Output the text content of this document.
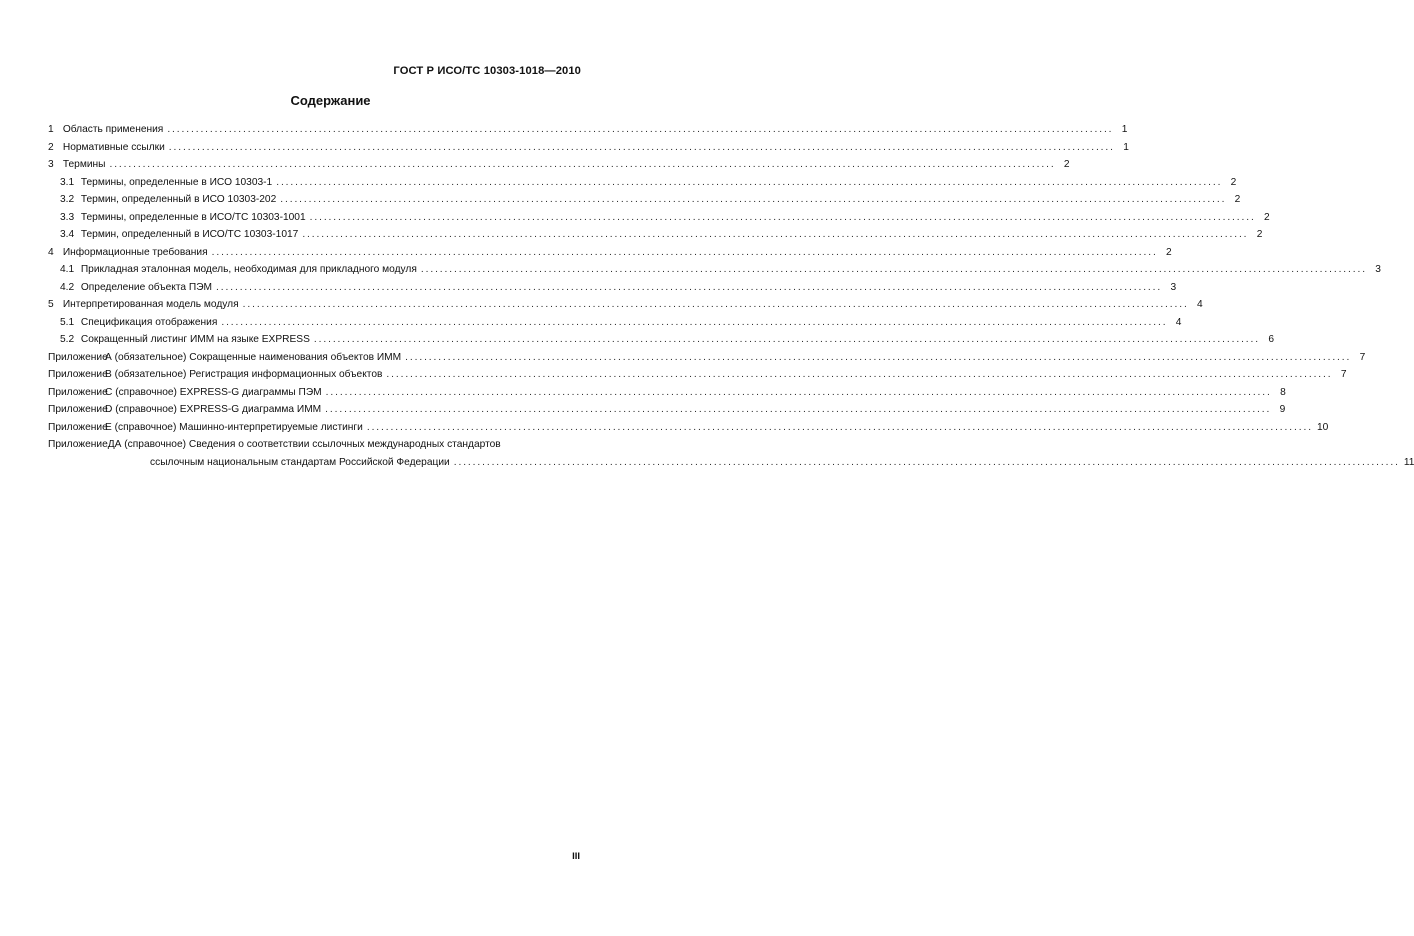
ГОСТ Р ИСО/ТС 10303-1018—2010
Содержание
1
Область применения ........................................................................................................................................................................................................ 1
2
Нормативные ссылки ........................................................................................................................................................................................................ 1
3
Термины ........................................................................................................................................................................................................ 2
3.1
Термины, определенные в ИСО 10303-1 ........................................................................................................................................................................................................ 2
3.2
Термин, определенный в ИСО 10303-202 ........................................................................................................................................................................................................ 2
3.3
Термины, определенные в ИСО/ТС 10303-1001 ........................................................................................................................................................................................................ 2
3.4
Термин, определенный в ИСО/ТС 10303-1017 ........................................................................................................................................................................................................ 2
4
Информационные требования ........................................................................................................................................................................................................ 2
4.1
Прикладная эталонная модель, необходимая для прикладного модуля ........................................................................................................................................................................................................ 3
4.2
Определение объекта ПЭМ ........................................................................................................................................................................................................ 3
5
Интерпретированная модель модуля ........................................................................................................................................................................................................ 4
5.1
Спецификация отображения ........................................................................................................................................................................................................ 4
5.2
Сокращенный листинг ИММ на языке EXPRESS ........................................................................................................................................................................................................ 6
Приложение
А (обязательное) Сокращенные наименования объектов ИММ ........................................................................................................................................................................................................ 7
Приложение
В (обязательное) Регистрация информационных объектов ........................................................................................................................................................................................................ 7
Приложение
С (справочное) EXPRESS-G диаграммы ПЭМ ........................................................................................................................................................................................................ 8
Приложение
D (справочное) EXPRESS-G диаграмма ИММ ........................................................................................................................................................................................................ 9
Приложение
Е (справочное) Машинно-интерпретируемые листинги ........................................................................................................................................................................................................ 10
ПриложениеДА (справочное) Сведения о соответствии ссылочных международных стандартов
ссылочным национальным стандартам Российской Федерации ........................................................................................................................................................................................................ 11
III
